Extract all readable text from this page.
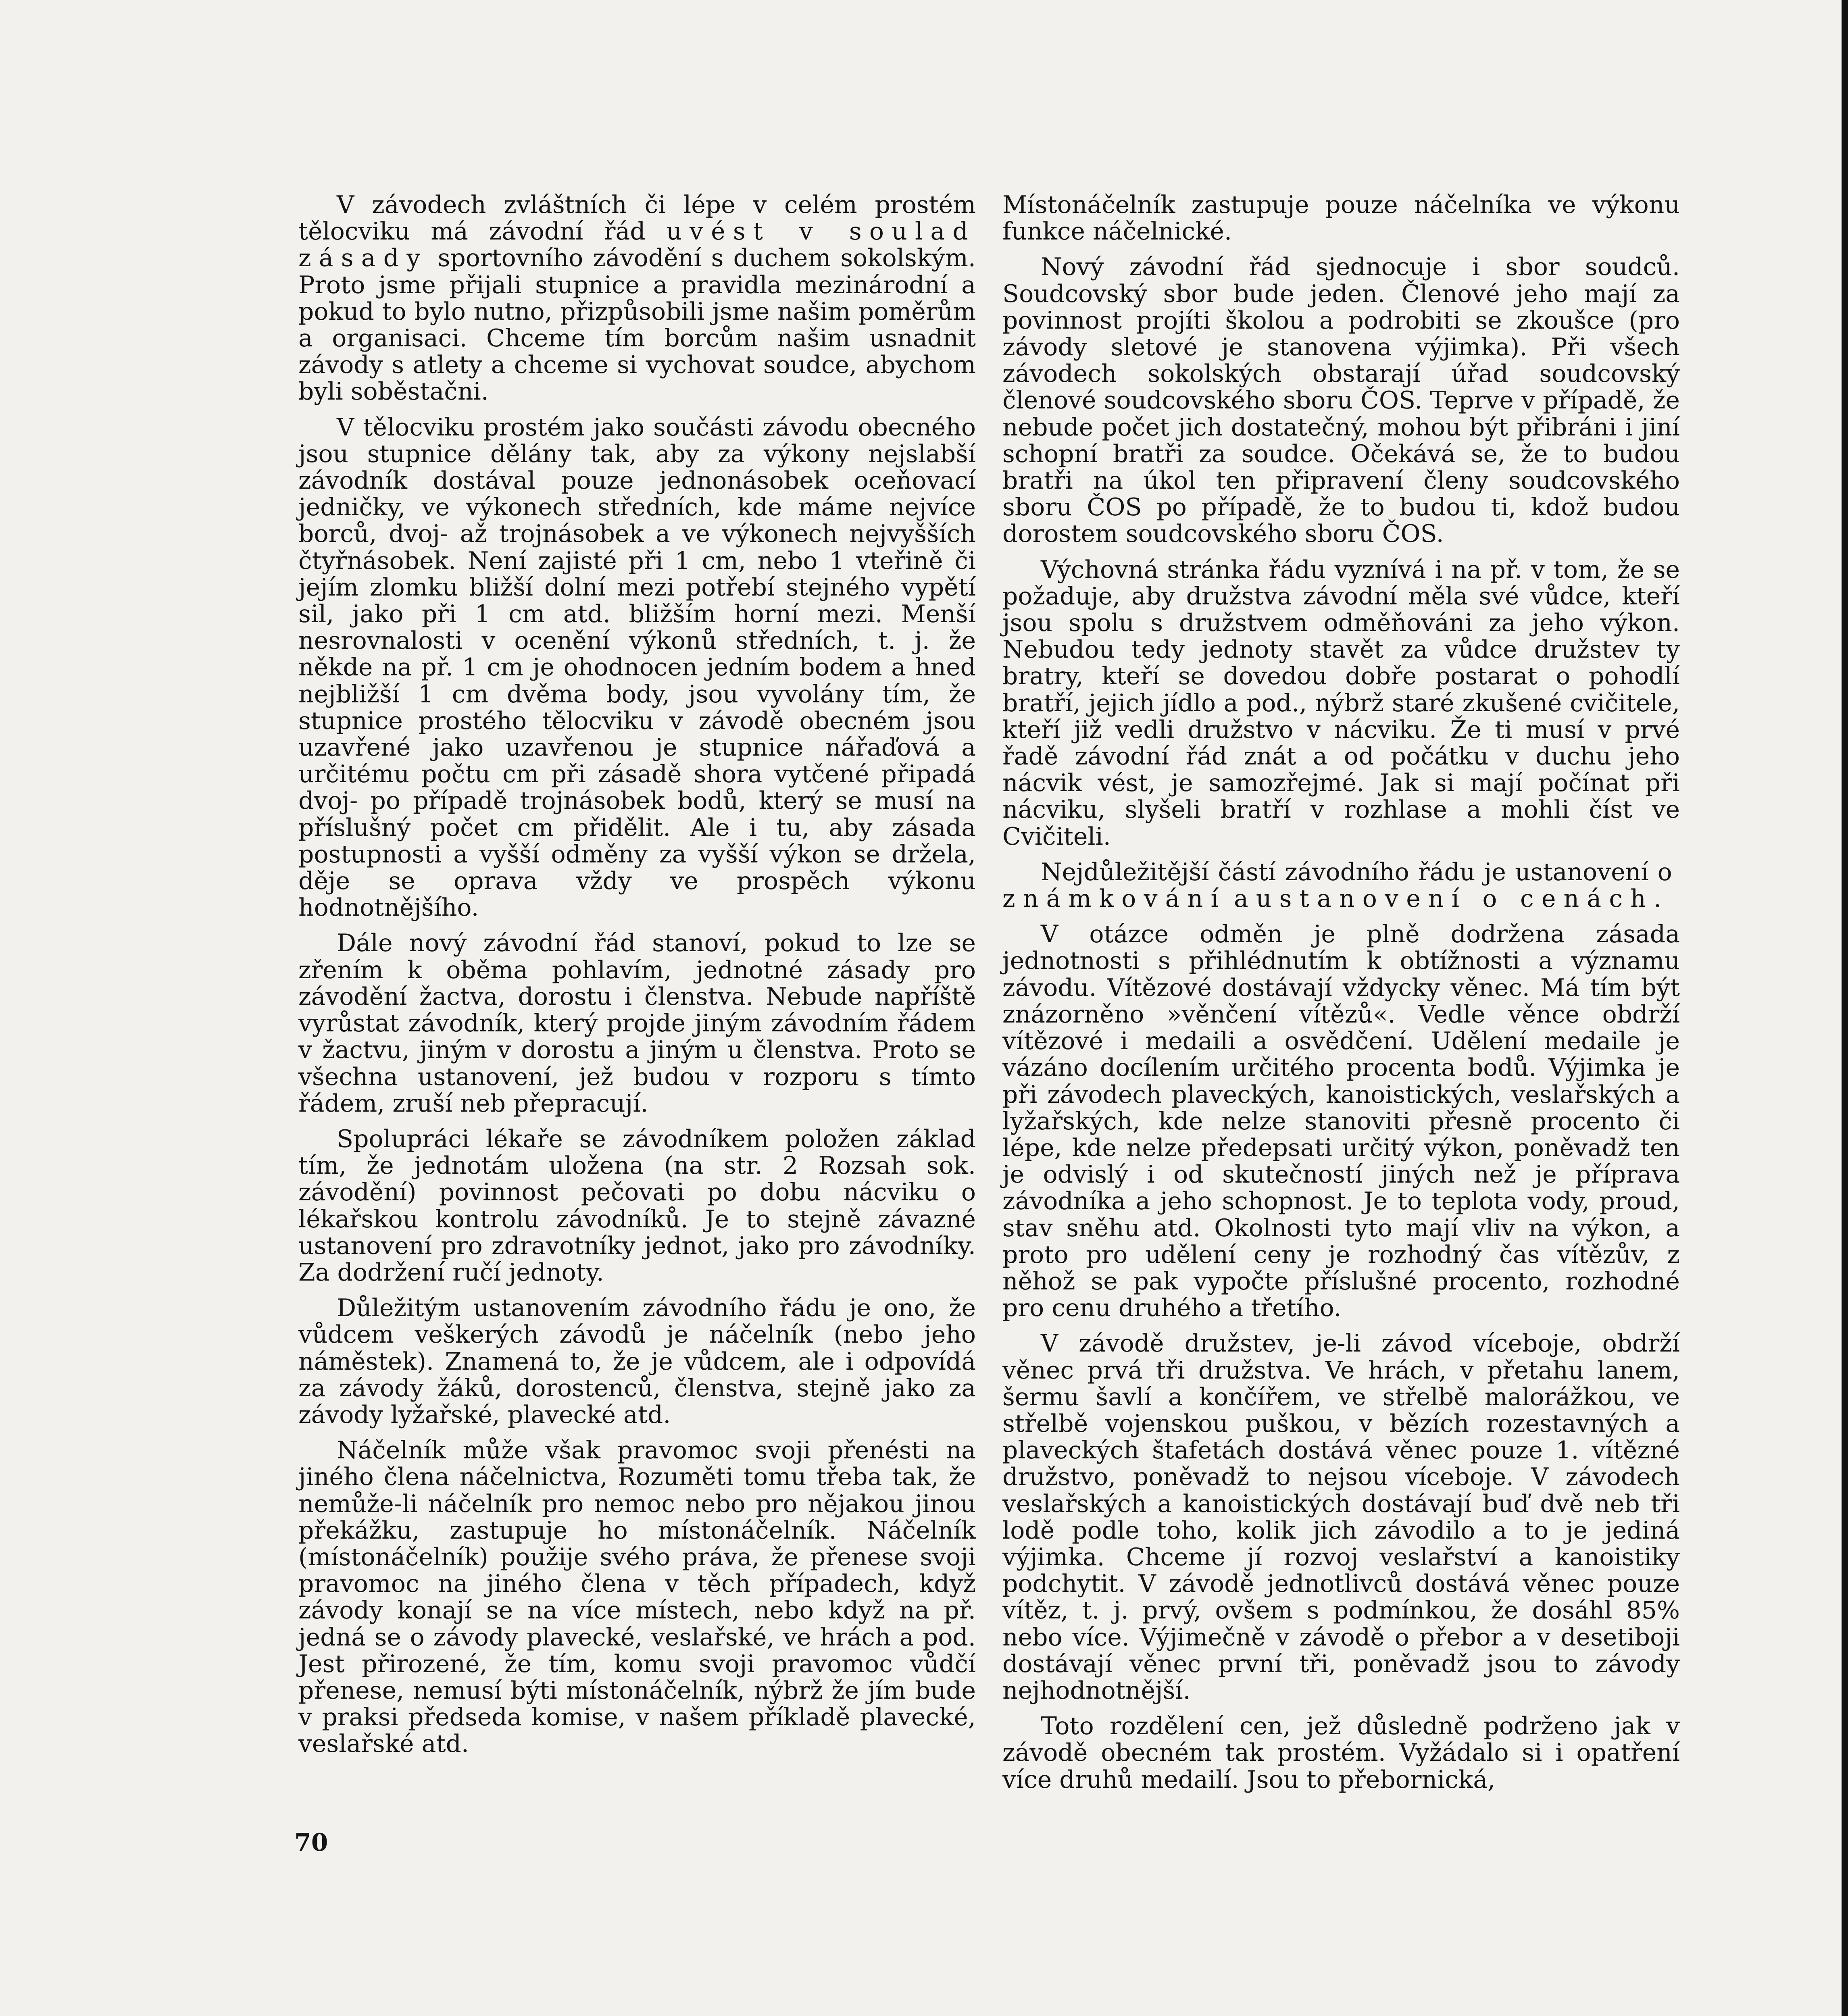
V závodech zvláštních či lépe v celém prostém tělocviku má závodní řád uvést v soulad zásady sportovního závodění s duchem sokolským. Proto jsme přijali stupnice a pravidla mezinárodní a pokud to bylo nutno, přizpůsobili jsme našim poměrům a organisaci. Chceme tím borcům našim usnadnit závody s atlety a chceme si vychovat soudce, abychom byli soběstačni.

V tělocviku prostém jako součásti závodu obecného jsou stupnice dělány tak, aby za výkony nejslabší závodník dostával pouze jednonásobek oceňovací jedničky, ve výkonech středních, kde máme nejvíce borců, dvoj- až trojnásobek a ve výkonech nejvyšších čtyřnásobek. Není zajisté při 1 cm, nebo 1 vteřině či jejím zlomku bližší dolní mezi potřebí stejného vypětí sil, jako při 1 cm atd. bližším horní mezi. Menší nesrovnalosti v ocenění výkonů středních, t. j. že někde na př. 1 cm je ohodnocen jedním bodem a hned nejbližší 1 cm dvěma body, jsou vyvolány tím, že stupnice prostého tělocviku v závodě obecném jsou uzavřené jako uzavřenou je stupnice nářaďová a určitému počtu cm při zásadě shora vytčené připadá dvoj- po případě trojnásobek bodů, který se musí na příslušný počet cm přidělit. Ale i tu, aby zásada postupnosti a vyšší odměny za vyšší výkon se držela, děje se oprava vždy ve prospěch výkonu hodnotnějšího.

Dále nový závodní řád stanoví, pokud to lze se zřením k oběma pohlavím, jednotné zásady pro závodění žactva, dorostu i členstva. Nebude napříště vyrůstat závodník, který projde jiným závodním řádem v žactvu, jiným v dorostu a jiným u členstva. Proto se všechna ustanovení, jež budou v rozporu s tímto řádem, zruší neb přepracují.

Spolupráci lékaře se závodníkem položen základ tím, že jednotám uložena (na str. 2 Rozsah sok. závodění) povinnost pečovati po dobu nácviku o lékařskou kontrolu závodníků. Je to stejně závazné ustanovení pro zdravotníky jednot, jako pro závodníky. Za dodržení ručí jednoty.

Důležitým ustanovením závodního řádu je ono, že vůdcem veškerých závodů je náčelník (nebo jeho náměstek). Znamená to, že je vůdcem, ale i odpovídá za závody žáků, dorostenců, členstva, stejně jako za závody lyžařské, plavecké atd.

Náčelník může však pravomoc svoji přenésti na jiného člena náčelnictva, Rozuměti tomu třeba tak, že nemůže-li náčelník pro nemoc nebo pro nějakou jinou překážku, zastupuje ho místonáčelník. Náčelník (místonáčelník) použije svého práva, že přenese svoji pravomoc na jiného člena v těch případech, když závody konají se na více místech, nebo když na př. jedná se o závody plavecké, veslařské, ve hrách a pod. Jest přirozené, že tím, komu svoji pravomoc vůdčí přenese, nemusí býti místonáčelník, nýbrž že jím bude v praksi předseda komise, v našem příkladě plavecké, veslařské atd.

Místonáčelník zastupuje pouze náčelníka ve výkonu funkce náčelnické.

Nový závodní řád sjednocuje i sbor soudců. Soudcovský sbor bude jeden. Členové jeho mají za povinnost projíti školou a podrobiti se zkoušce (pro závody sletové je stanovena výjimka). Při všech závodech sokolských obstarají úřad soudcovský členové soudcovského sboru ČOS. Teprve v případě, že nebude počet jich dostatečný, mohou být přibráni i jiní schopní bratři za soudce. Očekává se, že to budou bratři na úkol ten připravení členy soudcovského sboru ČOS po případě, že to budou ti, kdož budou dorostem soudcovského sboru ČOS.

Výchovná stránka řádu vyznívá i na př. v tom, že se požaduje, aby družstva závodní měla své vůdce, kteří jsou spolu s družstvem odměňováni za jeho výkon. Nebudou tedy jednoty stavět za vůdce družstev ty bratry, kteří se dovedou dobře postarat o pohodlí bratří, jejich jídlo a pod., nýbrž staré zkušené cvičitele, kteří již vedli družstvo v nácviku. Že ti musí v prvé řadě závodní řád znát a od počátku v duchu jeho nácvik vést, je samozřejmé. Jak si mají počínat při nácviku, slyšeli bratří v rozhlase a mohli číst ve Cvičiteli.

Nejdůležitější částí závodního řádu je ustanovení o známkování a ustanovení o cenách.

V otázce odměn je plně dodržena zásada jednotnosti s přihlédnutím k obtížnosti a významu závodu. Vítězové dostávají vždycky věnec. Má tím být znázorněno »věnčení vítězů«. Vedle věnce obdrží vítězové i medaili a osvědčení. Udělení medaile je vázáno docílením určitého procenta bodů. Výjimka je při závodech plaveckých, kanoistických, veslařských a lyžařských, kde nelze stanoviti přesně procento či lépe, kde nelze předepsati určitý výkon, poněvadž ten je odvislý i od skutečností jiných než je příprava závodníka a jeho schopnost. Je to teplota vody, proud, stav sněhu atd. Okolnosti tyto mají vliv na výkon, a proto pro udělení ceny je rozhodný čas vítězův, z něhož se pak vypočte příslušné procento, rozhodné pro cenu druhého a třetího.

V závodě družstev, je-li závod víceboje, obdrží věnec prvá tři družstva. Ve hrách, v přetahu lanem, šermu šavlí a končířem, ve střelbě malorážkou, ve střelbě vojenskou puškou, v bězích rozestavných a plaveckých štafetách dostává věnec pouze 1. vítězné družstvo, poněvadž to nejsou víceboje. V závodech veslařských a kanoistických dostávají buď dvě neb tři lodě podle toho, kolik jich závodilo a to je jediná výjimka. Chceme jí rozvoj veslařství a kanoistiky podchytit. V závodě jednotlivců dostává věnec pouze vítěz, t. j. prvý, ovšem s podmínkou, že dosáhl 85% nebo více. Výjimečně v závodě o přebor a v desetiboji dostávají věnec první tři, poněvadž jsou to závody nejhodnotnější.

Toto rozdělení cen, jež důsledně podrženo jak v závodě obecném tak prostém. Vyžádalo si i opatření více druhů medailí. Jsou to přebornická,

70
